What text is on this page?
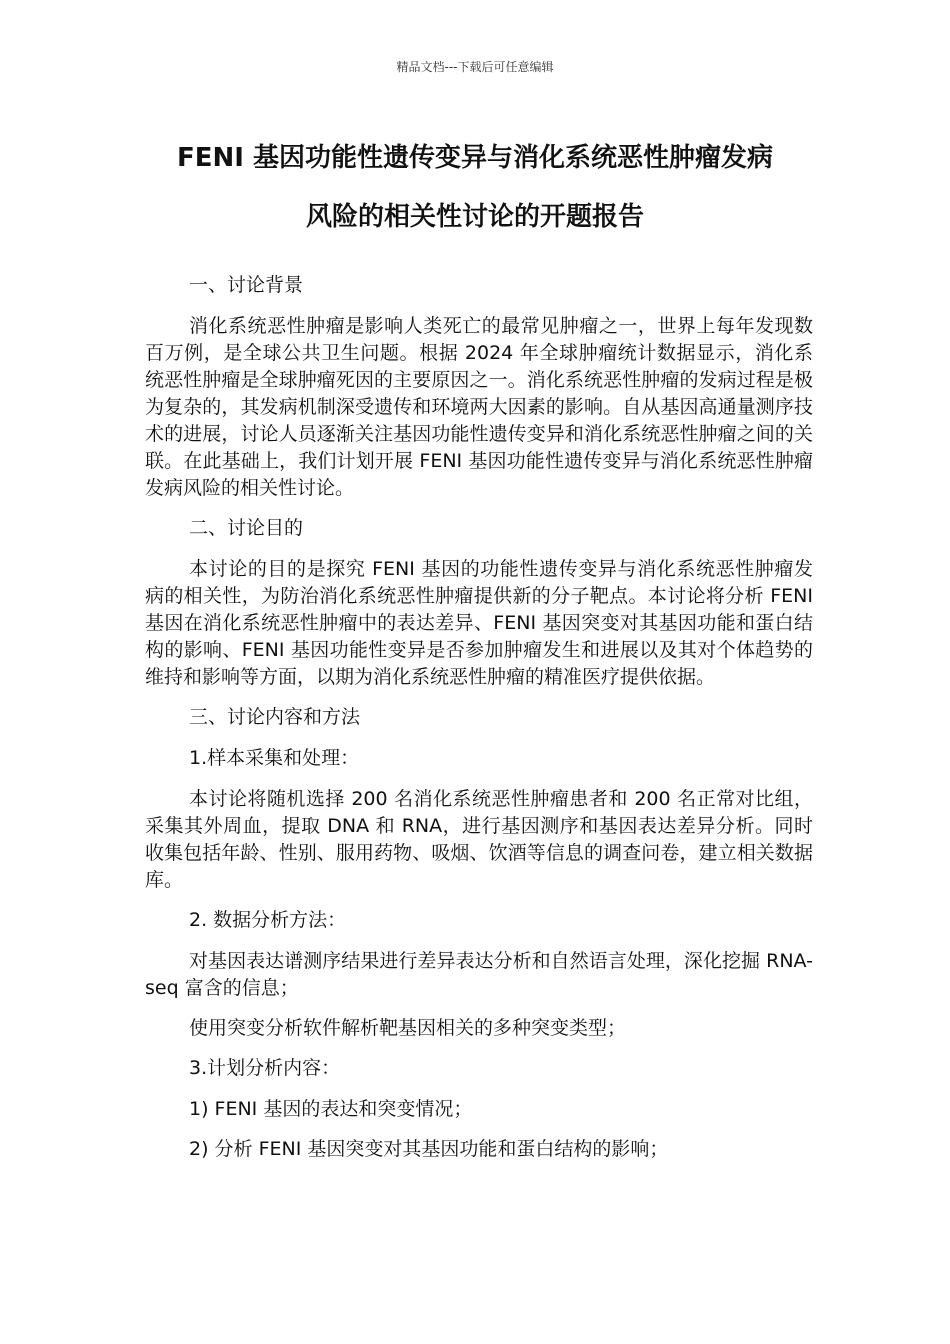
精品文档---下载后可任意编辑
FENI 基因功能性遗传变异与消化系统恶性肿瘤发病
风险的相关性讨论的开题报告

一、讨论背景

消化系统恶性肿瘤是影响人类死亡的最常见肿瘤之一，世界上每年发现数百万例，是全球公共卫生问题。根据 2024 年全球肿瘤统计数据显示，消化系统恶性肿瘤是全球肿瘤死因的主要原因之一。消化系统恶性肿瘤的发病过程是极为复杂的，其发病机制深受遗传和环境两大因素的影响。自从基因高通量测序技术的进展，讨论人员逐渐关注基因功能性遗传变异和消化系统恶性肿瘤之间的关联。在此基础上，我们计划开展 FENI 基因功能性遗传变异与消化系统恶性肿瘤发病风险的相关性讨论。

二、讨论目的

本讨论的目的是探究 FENI 基因的功能性遗传变异与消化系统恶性肿瘤发病的相关性，为防治消化系统恶性肿瘤提供新的分子靶点。本讨论将分析 FENI 基因在消化系统恶性肿瘤中的表达差异、FENI 基因突变对其基因功能和蛋白结构的影响、FENI 基因功能性变异是否参加肿瘤发生和进展以及其对个体趋势的维持和影响等方面，以期为消化系统恶性肿瘤的精准医疗提供依据。

三、讨论内容和方法

1.样本采集和处理：

本讨论将随机选择 200 名消化系统恶性肿瘤患者和 200 名正常对比组，采集其外周血，提取 DNA 和 RNA，进行基因测序和基因表达差异分析。同时收集包括年龄、性别、服用药物、吸烟、饮酒等信息的调查问卷，建立相关数据库。

2. 数据分析方法：

对基因表达谱测序结果进行差异表达分析和自然语言处理，深化挖掘 RNA-seq 富含的信息；

使用突变分析软件解析靶基因相关的多种突变类型；

3.计划分析内容：

1) FENI 基因的表达和突变情况；

2) 分析 FENI 基因突变对其基因功能和蛋白结构的影响；
